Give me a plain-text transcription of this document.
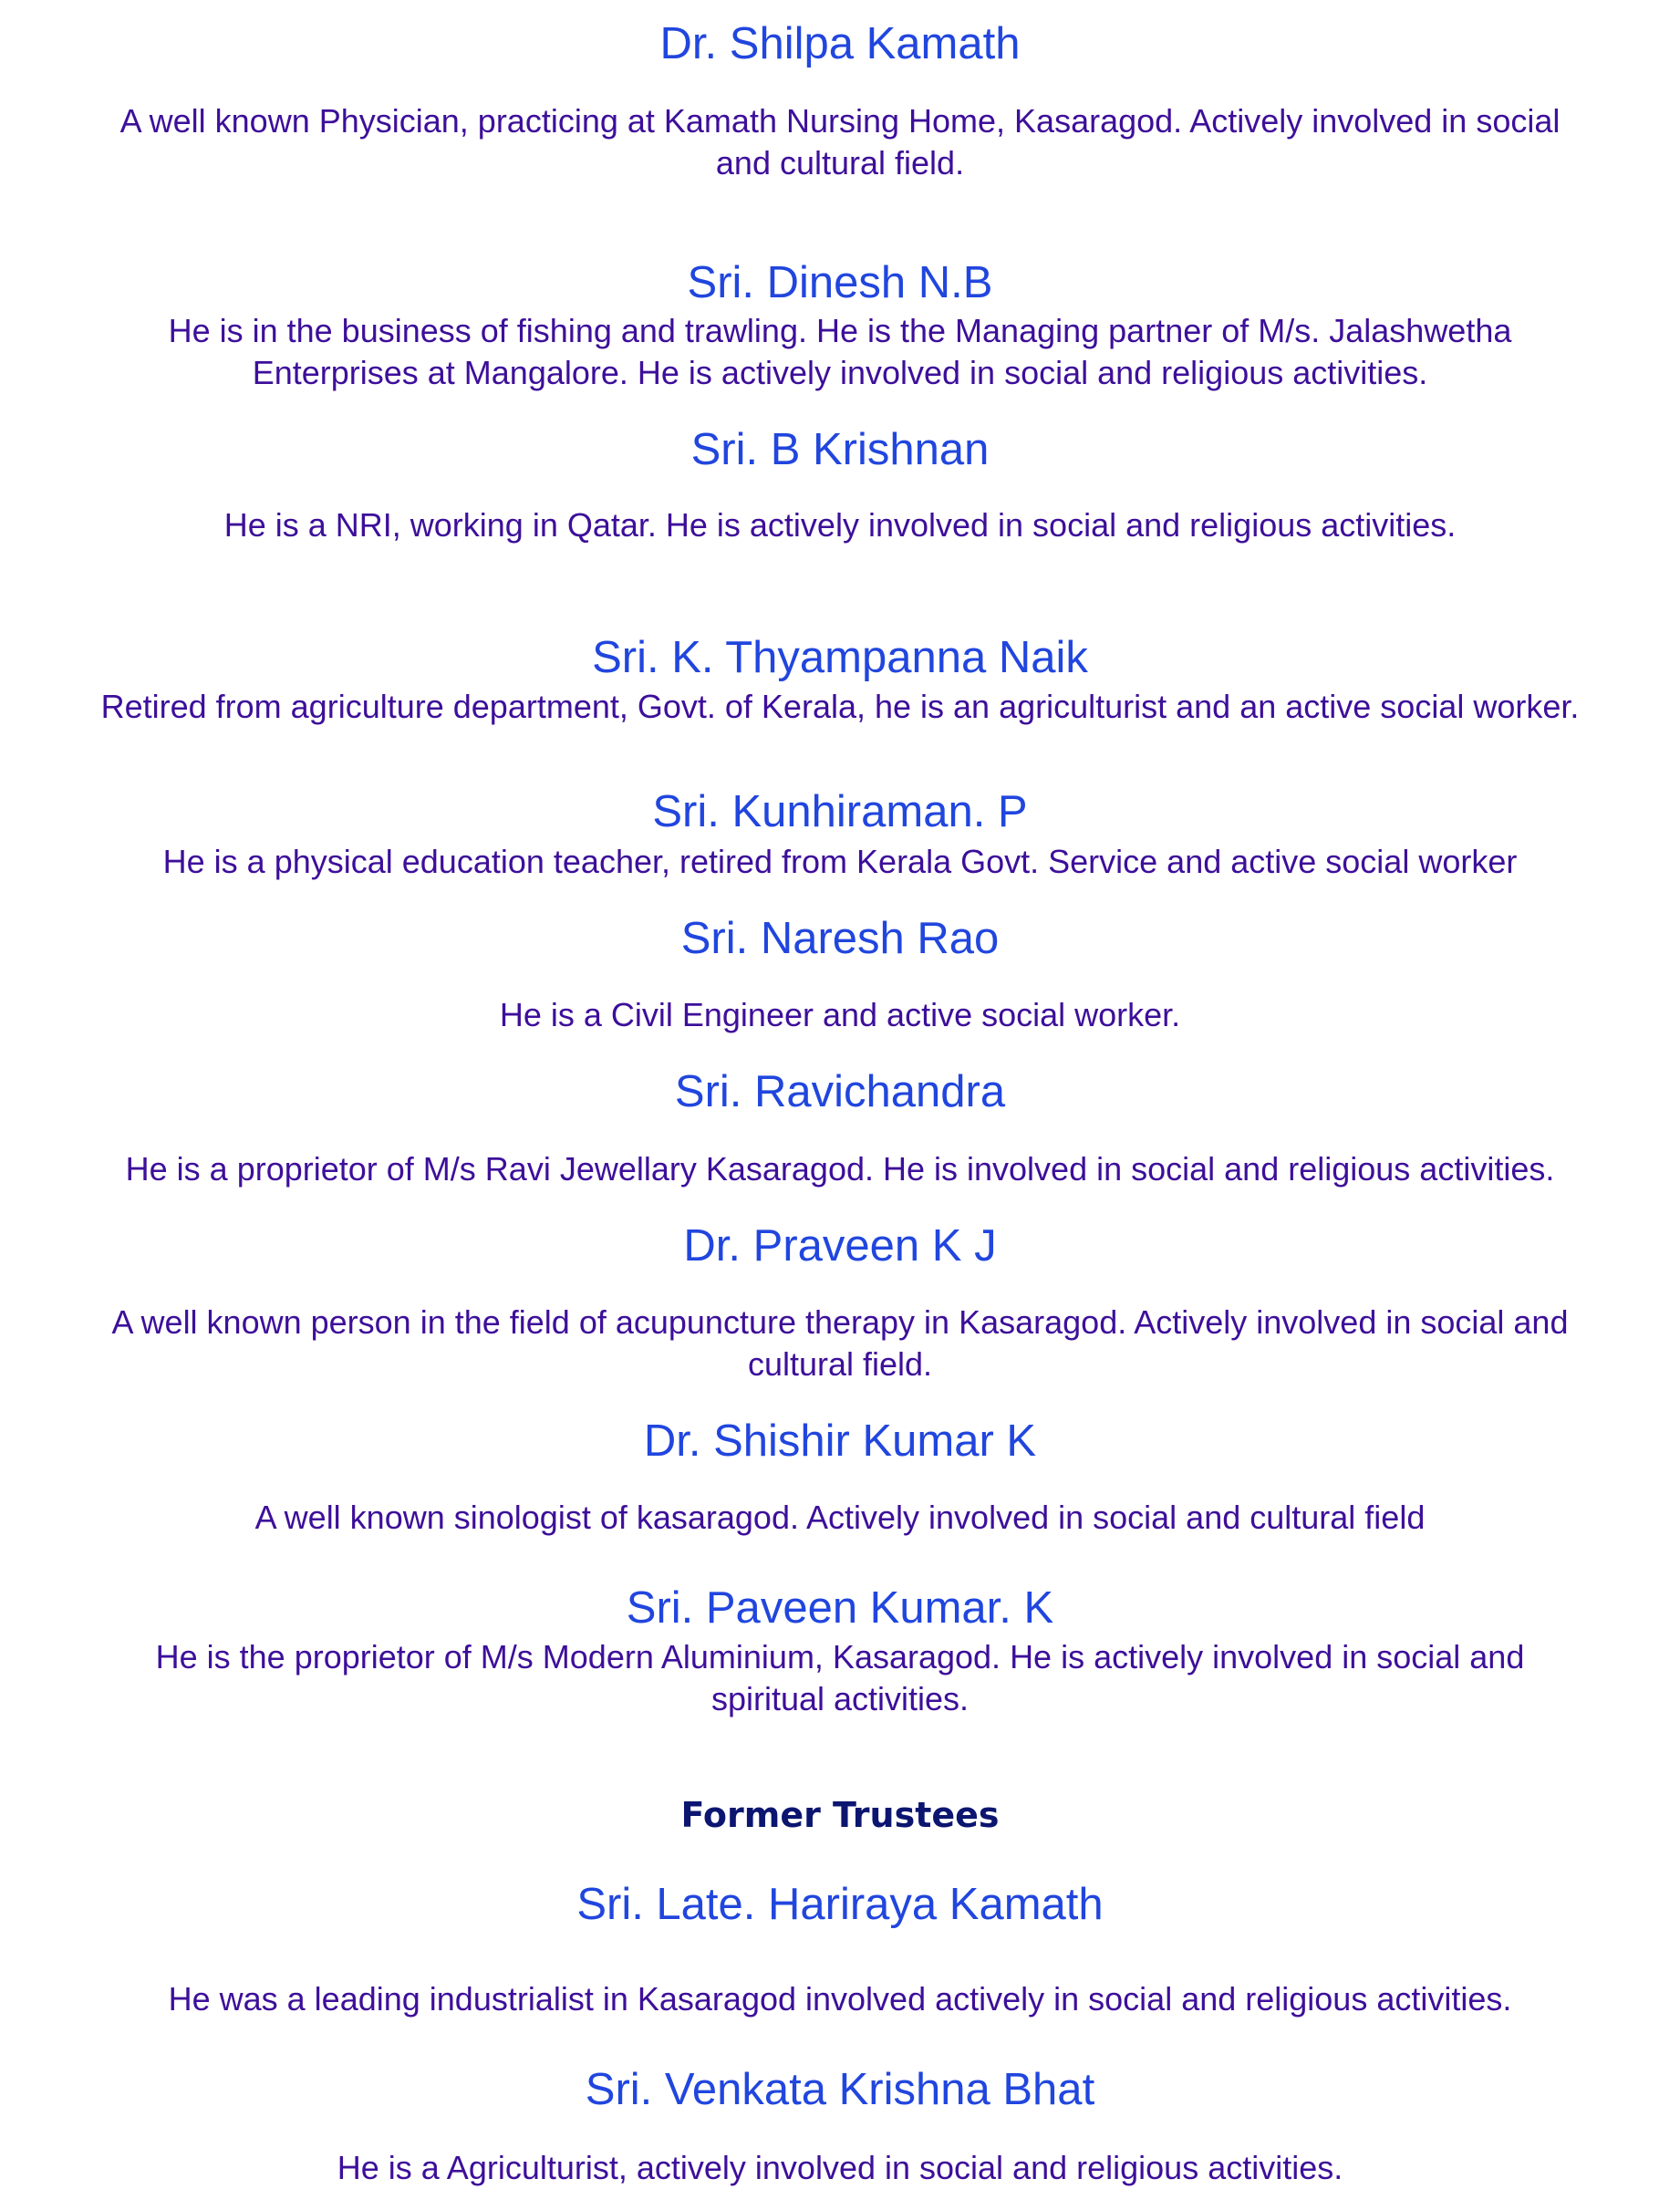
Dr. Shilpa Kamath
A well known Physician, practicing at Kamath Nursing Home, Kasaragod. Actively involved in social
and cultural field.
Sri. Dinesh N.B
He is in the business of fishing and trawling. He is the Managing partner of M/s. Jalashwetha
Enterprises at Mangalore. He is actively involved in social and religious activities.
Sri. B Krishnan
He is a NRI, working in Qatar. He is actively involved in social and religious activities.
Sri. K. Thyampanna Naik
Retired from agriculture department, Govt. of Kerala, he is an agriculturist and an active social worker.
Sri. Kunhiraman. P
He is a physical education teacher, retired from Kerala Govt. Service and active social worker
Sri. Naresh Rao
He is a Civil Engineer and active social worker.
Sri. Ravichandra
He is a proprietor of M/s Ravi Jewellary Kasaragod. He is involved in social and religious activities.
Dr. Praveen K J
A well known person in the field of acupuncture therapy in Kasaragod. Actively involved in social and
cultural field.
Dr. Shishir Kumar K
A well known sinologist of kasaragod. Actively involved in social and cultural field
Sri. Paveen Kumar. K
He is the proprietor of M/s Modern Aluminium, Kasaragod. He is actively involved in social and
spiritual activities.
Former Trustees
Sri. Late. Hariraya Kamath
He was a leading industrialist in Kasaragod involved actively in social and religious activities.
Sri. Venkata Krishna Bhat
He is a Agriculturist, actively involved in social and religious activities.
